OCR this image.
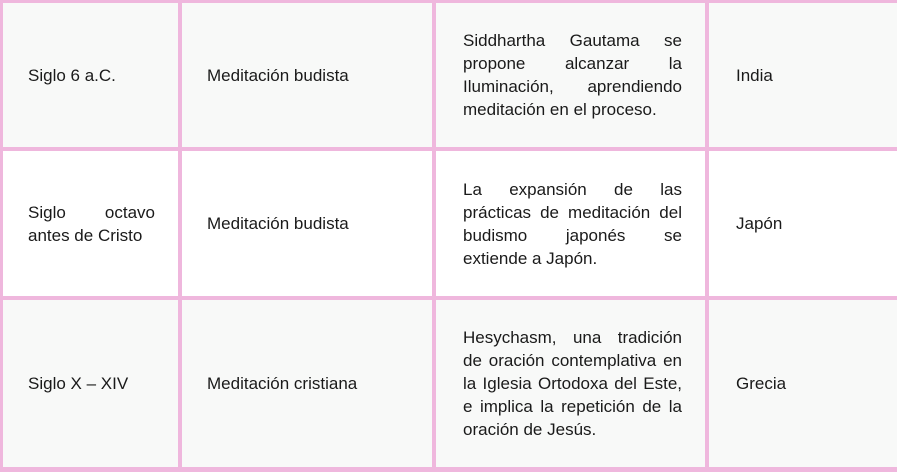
Siglo 6 a.C.	Meditación budista
Siddhartha Gautama se propone alcanzar la Iluminación, aprendiendo meditación en el proceso.
India
Siglo octavo antes de Cristo
Meditación budista
La expansión de las prácticas de meditación del budismo japonés se extiende a Japón.
Japón
Siglo X – XIV	Meditación cristiana
Hesychasm, una tradición de oración contemplativa en la Iglesia Ortodoxa del Este, e implica la repetición de la oración de Jesús.
Grecia
